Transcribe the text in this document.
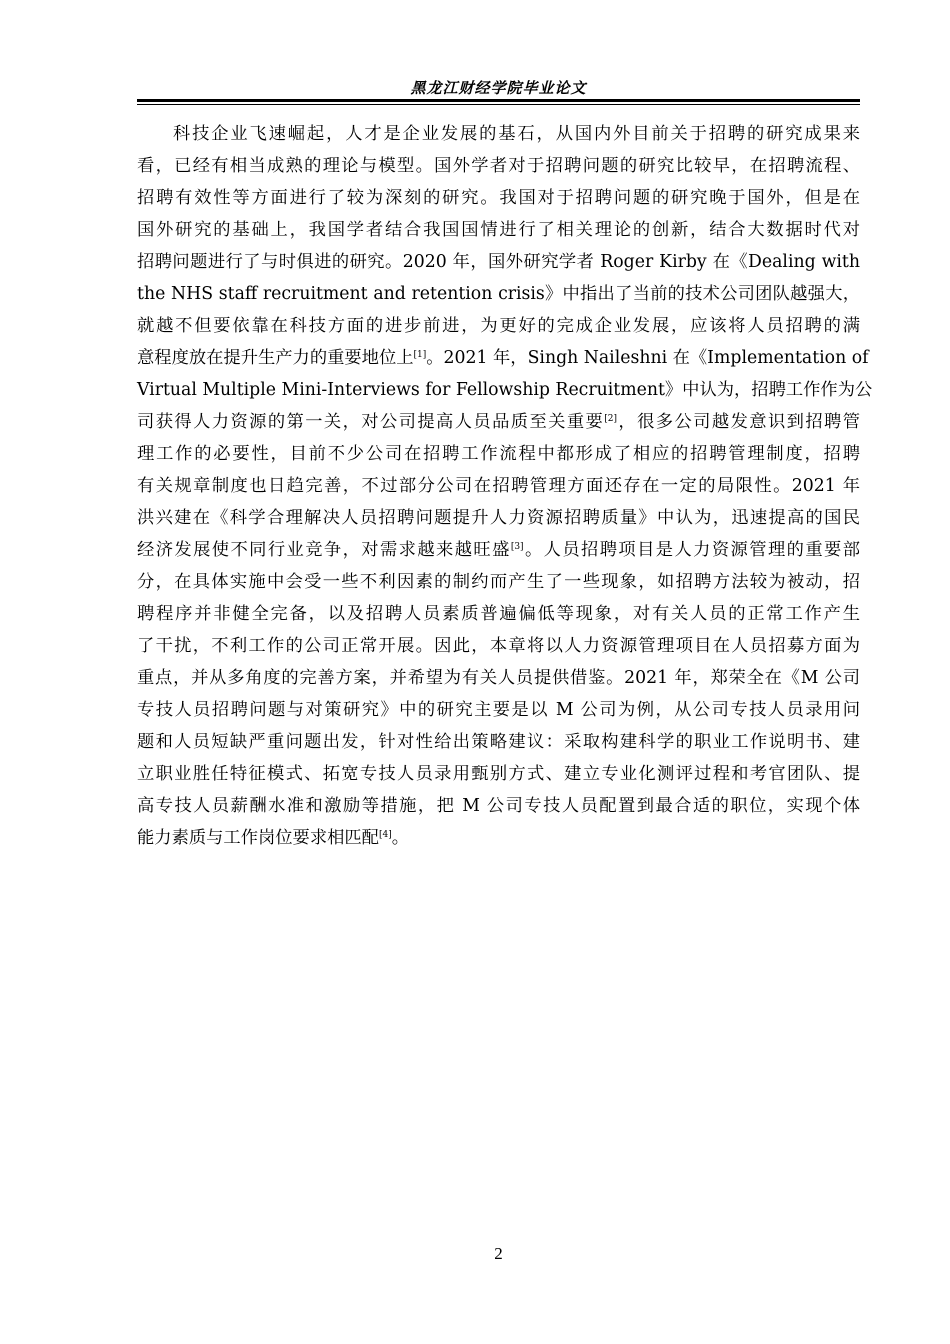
黑龙江财经学院毕业论文
科技企业飞速崛起，人才是企业发展的基石，从国内外目前关于招聘的研究成果来
看，已经有相当成熟的理论与模型。国外学者对于招聘问题的研究比较早，在招聘流程、
招聘有效性等方面进行了较为深刻的研究。我国对于招聘问题的研究晚于国外，但是在
国外研究的基础上，我国学者结合我国国情进行了相关理论的创新，结合大数据时代对
招聘问题进行了与时俱进的研究。2020 年，国外研究学者 Roger Kirby 在《Dealing with
the NHS staff recruitment and retention crisis》中指出了当前的技术公司团队越强大，
就越不但要依靠在科技方面的进步前进，为更好的完成企业发展，应该将人员招聘的满
意程度放在提升生产力的重要地位上[1]。2021 年，Singh Naileshni 在《Implementation of
Virtual Multiple Mini-Interviews for Fellowship Recruitment》中认为，招聘工作作为公
司获得人力资源的第一关，对公司提高人员品质至关重要[2]，很多公司越发意识到招聘管
理工作的必要性，目前不少公司在招聘工作流程中都形成了相应的招聘管理制度，招聘
有关规章制度也日趋完善，不过部分公司在招聘管理方面还存在一定的局限性。2021 年
洪兴建在《科学合理解决人员招聘问题提升人力资源招聘质量》中认为，迅速提高的国民
经济发展使不同行业竞争，对需求越来越旺盛[3]。人员招聘项目是人力资源管理的重要部
分，在具体实施中会受一些不利因素的制约而产生了一些现象，如招聘方法较为被动，招
聘程序并非健全完备，以及招聘人员素质普遍偏低等现象，对有关人员的正常工作产生
了干扰，不利工作的公司正常开展。因此，本章将以人力资源管理项目在人员招募方面为
重点，并从多角度的完善方案，并希望为有关人员提供借鉴。2021 年，郑荣全在《M 公司
专技人员招聘问题与对策研究》中的研究主要是以 M 公司为例，从公司专技人员录用问
题和人员短缺严重问题出发，针对性给出策略建议：采取构建科学的职业工作说明书、建
立职业胜任特征模式、拓宽专技人员录用甄别方式、建立专业化测评过程和考官团队、提
高专技人员薪酬水准和激励等措施，把 M 公司专技人员配置到最合适的职位，实现个体
能力素质与工作岗位要求相匹配[4]。
2
